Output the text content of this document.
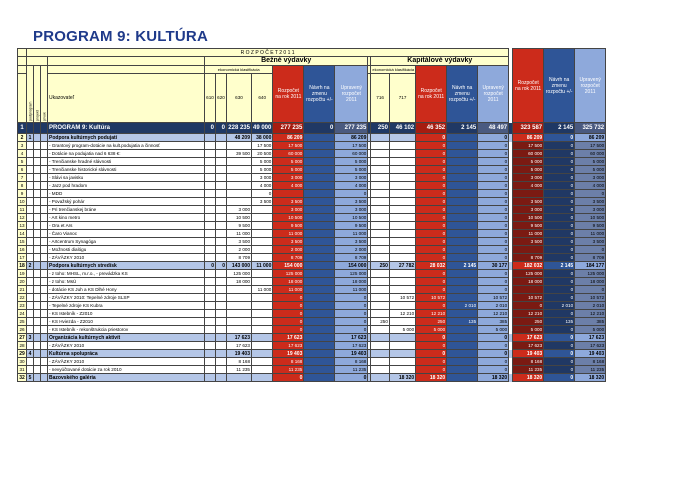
PROGRAM 9: KULTÚRA
	R O Z P O Č E T 2 0 1 1																		Rozpočet na rok 2011	Návrh na zmenu rozpočtu +/-	Upravený rozpočet 2011
					Bežné výdavky								Kapitálové výdavky								
	podprogram	projekt	prvok		ekonomická klasifikácia				Rozpočet na rok 2011	Návrh na zmenu rozpočtu +/-	Upravený rozpočet 2011		ekonomická klasifikácia		Rozpočet na rok 2011	Návrh na zmenu rozpočtu +/-	Upravený rozpočet 2011				
				Ukazovateľ	610	620	630	640					716	717							
1				PROGRAM 9: Kultúra	0	0	228 235	49 000	277 235	0	277 235		250	46 102	46 352	2 145	48 497		323 587	2 145	325 732
2	1			Podpora kultúrnych podujatí			48 209	38 000	86 209		86 209				0		0		86 209	0	86 209
3				- Grantový program-dotácie na kult.podujatia a činnosť				17 500	17 500		17 500				0		0		17 500	0	17 500
4				- Dotácie na podujatia nad 6 638 €:			39 500	20 500	60 000		60 000				0		0		60 000	0	60 000
5				- Trenčianske hradné slávnosti				5 000	5 000		5 000				0		0		5 000	0	5 000
6				- Trenčianske historické slávnosti				5 000	5 000		5 000				0		0		5 000	0	5 000
7				- Slávi sa javisku				3 000	3 000		3 000				0		0		3 000	0	3 000
8				- Jazz pod hradom				4 000	4 000		4 000				0		0		4 000	0	4 000
9				- MDD				0			0				0		0			0	0
10				- Považský pohár				3 500	3 500		3 500				0		0		3 500	0	3 500
11				- Pri trenčianskej bráne			3 000		3 000		3 000				0		0		3 000	0	3 000
12				- Art kino metro			10 500		10 500		10 500				0		0		10 500	0	10 500
13				- Ora et Ars			9 500		9 500		9 500				0		0		9 500	0	9 500
14				- Čaro Vianoc			11 000		11 000		11 000				0		0		11 000	0	11 000
15				- Artcentrum Synagóga			3 500		3 500		3 500				0		0		3 500	0	3 500
16				- Možnosti dialógu			2 000		2 000		2 000				0		0			0	0
17				- ZÁVÄZKY 2010			8 709		8 709		8 709				0		0		8 709	0	8 709
18	2			Podpora kultúrnych stredísk	0	0	143 000	11 000	154 000		154 000		250	27 782	28 032	2 145	30 177		182 032	2 145	184 177
19				- z toho: MHSL, m.r.o., - prevádzka KS			125 000		125 000		125 000				0		0		125 000	0	125 000
20				- z toho: MsÚ			18 000		18 000		18 000				0		0		18 000	0	18 000
21				- dotácie KS Juh a KS Dlhé Hony				11 000	11 000		11 000				0		0			0	0
22				- ZÁVÄZKY 2010: Tepelné zdroje SLSP					0		0			10 572	10 572		10 572		10 572	0	10 572
23				- Tepelné zdroje KS Kubra					0		0				0	2 010	2 010		0	2 010	2 010
24				- KS Istebník - Z2010					0		0			12 210	12 210		12 210		12 210	0	12 210
25				- KS Hviezda - Z2010					0		0		250		250	135	385		250	135	385
26				- KS Istebník - rekonštrukcia priestorov					0		0			5 000	5 000		5 000		5 000	0	5 000
27	3			Organizácia kultúrnych aktivít			17 623		17 623		17 623				0		0		17 623	0	17 623
28				- ZÁVÄZKY 2010			17 623		17 623		17 623				0		0		17 623	0	17 623
29	4			Kultúrna spolupráca			19 403		19 403		19 403				0		0		19 403	0	19 403
30				- ZÁVÄZKY 2010			8 168		8 168		8 168				0		0		8 168	0	8 168
31				- nevyúčtované dotácie za rok 2010			11 235		11 235		11 235				0		0		11 235	0	11 235
32	5			Bazovského galéria					0		0			18 320	18 320		18 320		18 320	0	18 320
